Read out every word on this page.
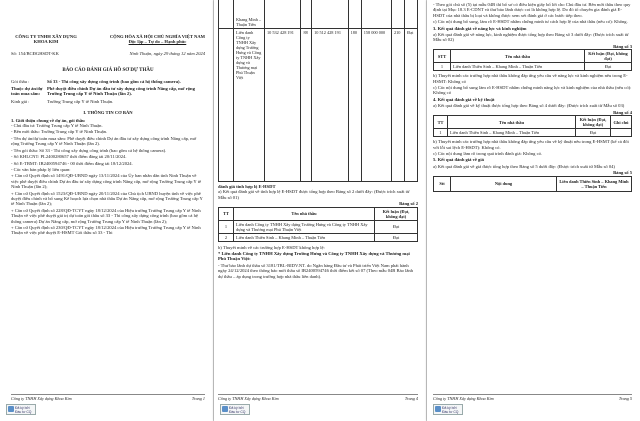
CÔNG TY TNHH XÂY DỰNG KHOA KIM
CỘNG HÒA XÃ HỘI CHỦ NGHĨA VIỆT NAM
Độc lập – Tự do – Hạnh phúc
Số: 154/BCĐGHSDT-KK	Ninh Thuận, ngày 29 tháng 12 năm 2024
BÁO CÁO ĐÁNH GIÁ HỒ SƠ DỰ THẦU
Gói thầu :	Số 33 - Thi công xây dựng công trình (bao gồm cả hệ thống camera).
Thuộc dự án/dự toán mua sắm:
Phê duyệt điều chỉnh Dự án đầu tư xây dựng công trình Nâng cấp, mở rộng Trường Trung cấp Y tế Ninh Thuận (lần 2).
Kinh giá :	Trường Trung cấp Y tế Ninh Thuận.
I. THÔNG TIN CƠ BẢN
1. Giới thiệu chung về dự án, gói thầu

- Chủ đầu tư: Trường Trung cấp Y tế Ninh Thuận.

- Bên mời thầu: Trường Trung cấp Y tế Ninh Thuận.

- Tên dự án/dự toán mua sắm: Phê duyệt điều chỉnh Dự án đầu tư xây dựng công trình Nâng cấp, mở rộng Trường Trung cấp Y tế Ninh Thuận (lần 2).

- Tên gói thầu: Số 33 - Thi công xây dựng công trình (bao gồm cả hệ thống camera).

- Số KHLCNT: PL2400280657 thời điểm đăng tải 20/11/2024.

- Số E-TBMT: IB2400594746 - 00 thời điểm đăng tải 18/12/2024.

- Các văn bản pháp lý liên quan:

+ Căn cứ Quyết định số 1491/QĐ-UBND ngày 13/11/2024 của Ủy ban nhân dân tỉnh Ninh Thuận về việc phê duyệt điều chỉnh Dự án đầu tư xây dựng công trình Nâng cấp, mở rộng Trường Trung cấp Y tế Ninh Thuận (lần 2);

+ Căn cứ Quyết định số 1523/QĐ-UBND ngày 20/11/2024 của Chủ tịch UBND huyện tỉnh về việc phê duyệt điều chỉnh và bổ sung Kế hoạch lựa chọn nhà thầu Dự án Nâng cấp, mở rộng Trường Trung cấp Y tế Ninh Thuận (lần 2);

+ Căn cứ Quyết định số 228/QĐ-TCYT ngày 18/12/2024 của Hiệu trưởng Trường Trung cấp Y tế Ninh Thuận về việc phê duyệt giá trị dự toán gói thầu số 33 - Thi công xây dựng công trình (bao gồm cả hệ thống camera) Dự án Nâng cấp, mở rộng Trường Trung cấp Y tế Ninh Thuận (lần 2);

+ Căn cứ Quyết định số 230/QĐ-TCYT ngày 18/12/2024 của Hiệu trưởng Trường Trung cấp Y tế Ninh Thuận về việc phê duyệt E-HSMT Gói thầu số 33 - Thi

Công ty TNHH Xây dựng Khoa Kim	Trang 1
Đã ký bởi Đầu tư CQ
	Khang Minh – Thuận Tiến							
	Liên danh Công ty TNHH Xây dựng Trường Hưng và Công ty TNHH Xây dựng và Thương mại Phú Thuận Việt	10 532 428 191	88	10 512 428 191	180	158 000 000	210	Đạt
đánh giá tính hợp lệ E-HSDT

a) Kết quả đánh giá về tính hợp lệ E-HSDT được tổng hợp theo Bảng số 2 dưới đây: (Được trích xuất từ Mẫu số 01)

Bảng số 2
TT	Tên nhà thầu	Kết luận (Đạt, không đạt)
1	Liên danh Công ty TNHH Xây dựng Trường Hưng và Công ty TNHH Xây dựng và Thương mại Phú Thuận Việt	Đạt
2	Liên danh Thiên Sinh – Khang Minh – Thuận Tiến	Đạt

b) Thuyết minh về các trường hợp E-HSDT không hợp lệ:

* Liên danh Công ty TNHH Xây dựng Trường Hưng và Công ty TNHH Xây dựng và Thương mại Phú Thuận Việt:

- Thư bảo lãnh dự thầu số 3181/TBL-BIDV.NT. do Ngân hàng Đầu tư và Phát triển Việt Nam phát hành ngày 24/12/2024 theo thông báo mời thầu số IB2400594746 thời điểm kết số 07 (Theo mẫu 04B Bảo lãnh dự thầu – áp dụng trong trường hợp nhà thầu liên danh).

Công ty TNHH Xây dựng Khoa Kim	Trang 4
Đã ký bởi Đầu tư CQ

- Theo gói chú số (5) tại mẫu 04B thì bổ sơ có điều kiện giấy bổ lời cho Chủ đầu tư. Bên mời thầu theo quy định tại Mục 18.3 E-CDNT và thư bảo lãnh dược coi là không hợp lệ. Do đó tổ chuyên gia đánh giá E-HSDT của nhà thầu bị loại và không được xem xét đánh giá ở các bước tiếp theo.

c) Các nội dung bổ sung, làm rõ E-HSDT nhằm chứng minh tư cách hợp lệ của nhà thầu (nếu có): Không.

3. Kết quả đánh giá về năng lực và kinh nghiệm

a) Kết quả đánh giá về năng lực, kinh nghiệm được tổng hợp theo Bảng số 3 dưới đây: (Được trích xuất từ Mẫu số 02)

Bảng số 3
STT	Tên nhà thầu	Kết luận (Đạt, không đạt)
1	Liên danh Thiên Sinh – Khang Minh – Thuận Tiến	Đạt

b) Thuyết minh các trường hợp nhà thầu không đáp ứng yêu cầu về năng lực và kinh nghiệm nêu trong E-HSMT: Không có

c) Các nội dung bổ sung làm rõ E-HSDT nhằm chứng minh năng lực và kinh nghiệm của nhà thầu (nếu có): Không có

4. Kết quả đánh giá về kỹ thuật

a) Kết quả đánh giá về kỹ thuật được tổng hợp theo Bảng số 4 dưới đây: (Được trích xuất từ Mẫu số 03)

Bảng số 4
TT	Tên nhà thầu	Kết luận (Đạt, không đạt)	Ghi chú
1	Liên danh Thiên Sinh – Khang Minh – Thuận Tiến	Đạt	

b) Thuyết minh các trường hợp nhà thầu không đáp ứng yêu cầu về kỹ thuật nêu trong E-HSMT (kể cả đối với lỗi sai lệch E-HSDT): Không có.

c) Các nội dung làm rõ trong quá trình đánh giá: Không có.

5. Kết quả đánh giá về giá

a) Kết quả đánh giá về giá được tổng hợp theo Bảng số 5 dưới đây: (Được trích xuất từ Mẫu số 04)

Bảng số 5
Stt	Nội dung	Liên danh Thiên Sinh – Khang Minh – Thuận Tiến
Công ty TNHH Xây dựng Khoa Kim	Trang 5
Đã ký bởi Đầu tư CQ
